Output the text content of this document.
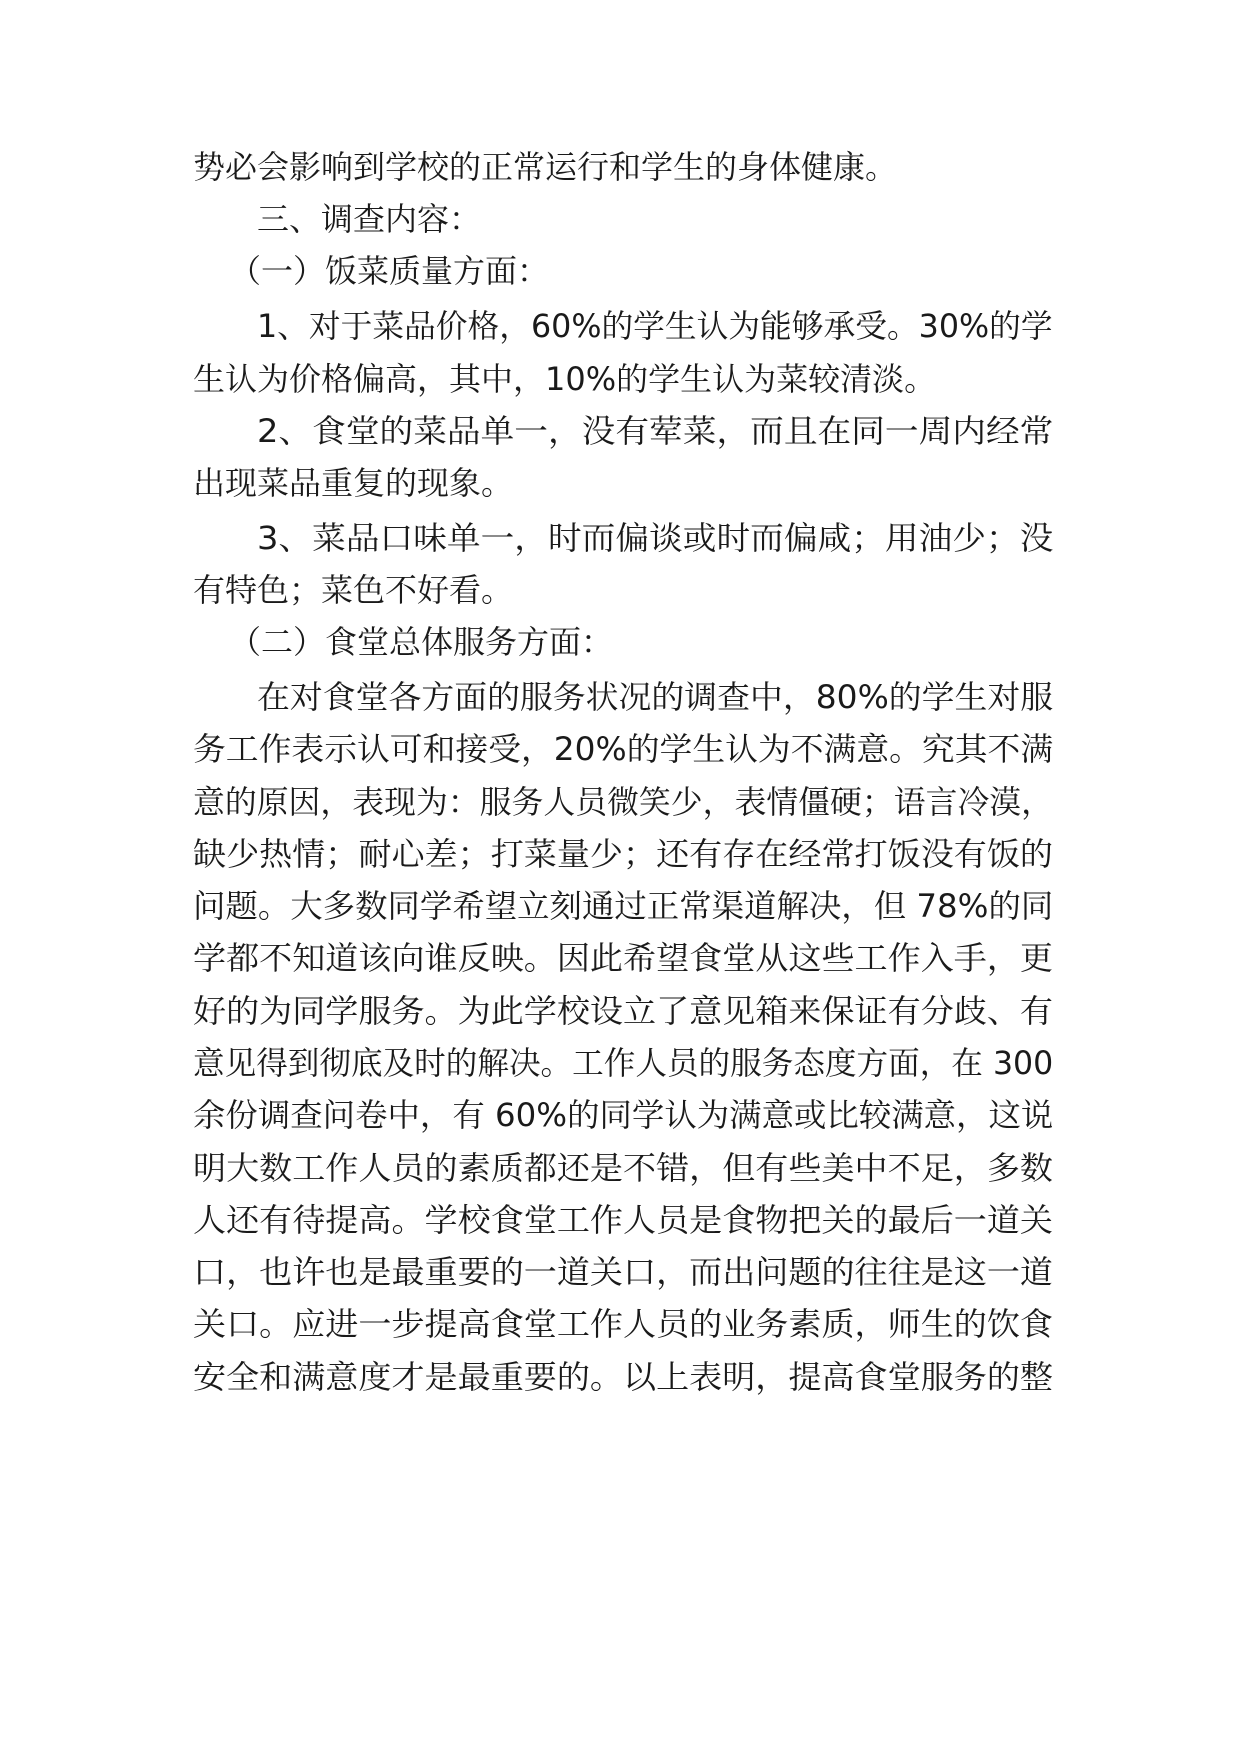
势必会影响到学校的正常运行和学生的身体健康。
三、调查内容：
（一）饭菜质量方面：
1、对于菜品价格，60%的学生认为能够承受。30%的学
生认为价格偏高，其中，10%的学生认为菜较清淡。
2、食堂的菜品单一，没有荤菜，而且在同一周内经常
出现菜品重复的现象。
3、菜品口味单一，时而偏谈或时而偏咸；用油少；没
有特色；菜色不好看。
（二）食堂总体服务方面：
在对食堂各方面的服务状况的调查中，80%的学生对服
务工作表示认可和接受，20%的学生认为不满意。究其不满
意的原因，表现为：服务人员微笑少，表情僵硬；语言冷漠，
缺少热情；耐心差；打菜量少；还有存在经常打饭没有饭的
问题。大多数同学希望立刻通过正常渠道解决，但 78%的同
学都不知道该向谁反映。因此希望食堂从这些工作入手，更
好的为同学服务。为此学校设立了意见箱来保证有分歧、有
意见得到彻底及时的解决。工作人员的服务态度方面，在 300
余份调查问卷中，有 60%的同学认为满意或比较满意，这说
明大数工作人员的素质都还是不错，但有些美中不足，多数
人还有待提高。学校食堂工作人员是食物把关的最后一道关
口，也许也是最重要的一道关口，而出问题的往往是这一道
关口。应进一步提高食堂工作人员的业务素质，师生的饮食
安全和满意度才是最重要的。以上表明，提高食堂服务的整
